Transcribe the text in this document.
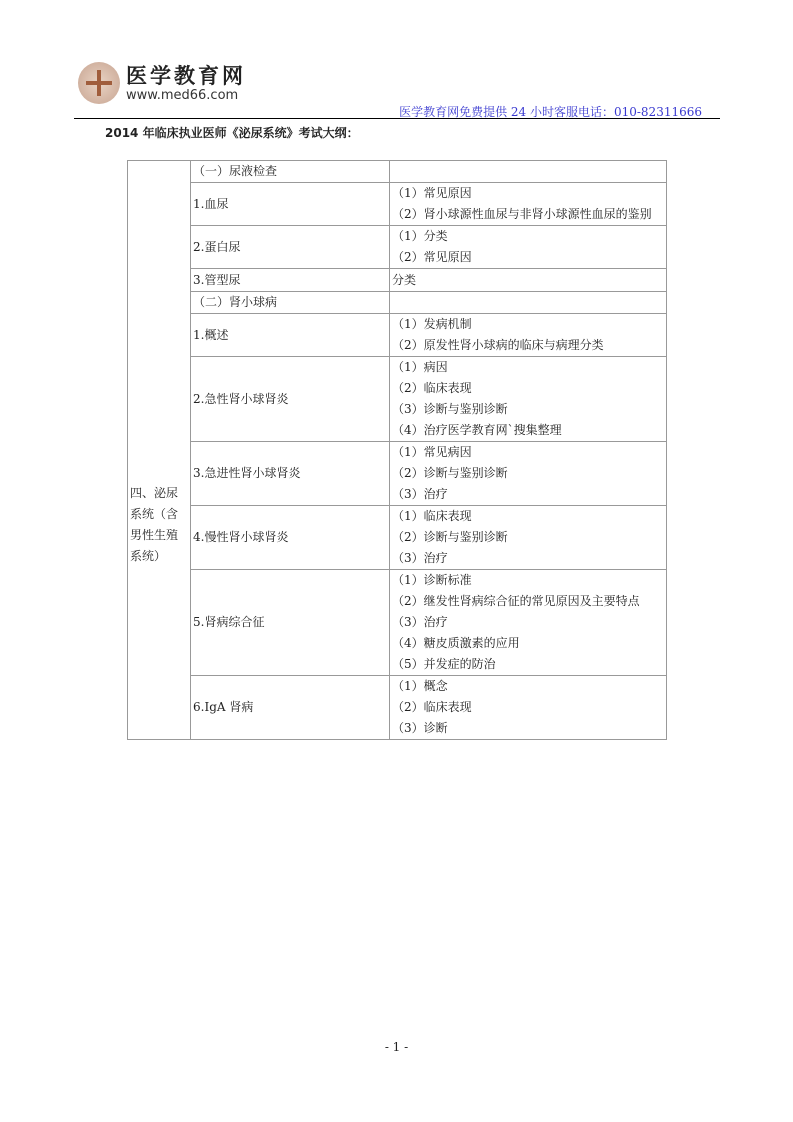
医学教育网
www.med66.com
医学教育网免费提供 24 小时客服电话：010-82311666
2014 年临床执业医师《泌尿系统》考试大纲：
四、泌尿系统（含男性生殖系统）	（一）尿液检查	
	1.血尿	（1）常见原因
（2）肾小球源性血尿与非肾小球源性血尿的鉴别

	2.蛋白尿	（1）分类
（2）常见原因

	3.管型尿	分类

	（二）肾小球病	
	1.概述	（1）发病机制
（2）原发性肾小球病的临床与病理分类

	2.急性肾小球肾炎	（1）病因
（2）临床表现
（3）诊断与鉴别诊断
（4）治疗医学教育网`搜集整理

	3.急进性肾小球肾炎	（1）常见病因
（2）诊断与鉴别诊断
（3）治疗

	4.慢性肾小球肾炎	（1）临床表现
（2）诊断与鉴别诊断
（3）治疗

	5.肾病综合征	（1）诊断标准
（2）继发性肾病综合征的常见原因及主要特点
（3）治疗
（4）糖皮质激素的应用
（5）并发症的防治

	6.IgA 肾病	（1）概念
（2）临床表现
（3）诊断
- 1 -
